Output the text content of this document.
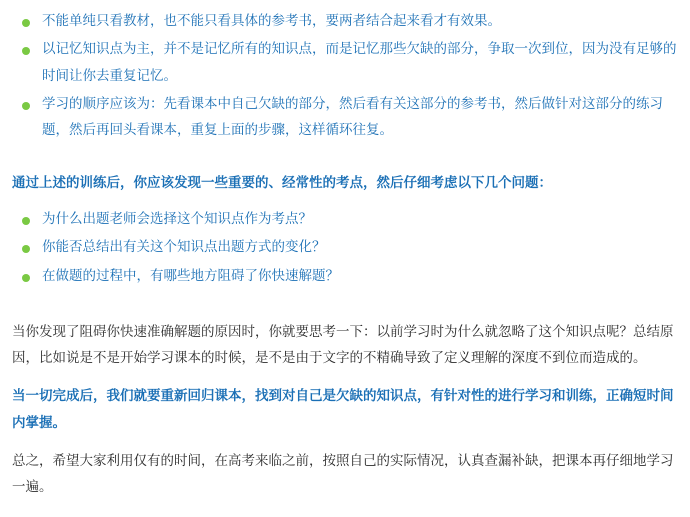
不能单纯只看教材，也不能只看具体的参考书，要两者结合起来看才有效果。
以记忆知识点为主，并不是记忆所有的知识点，而是记忆那些欠缺的部分，争取一次到位，因为没有足够的时间让你去重复记忆。
学习的顺序应该为：先看课本中自己欠缺的部分，然后看有关这部分的参考书，然后做针对这部分的练习题，然后再回头看课本，重复上面的步骤，这样循环往复。

通过上述的训练后，你应该发现一些重要的、经常性的考点，然后仔细考虑以下几个问题：

为什么出题老师会选择这个知识点作为考点？
你能否总结出有关这个知识点出题方式的变化？
在做题的过程中，有哪些地方阻碍了你快速解题？

当你发现了阻碍你快速准确解题的原因时，你就要思考一下：以前学习时为什么就忽略了这个知识点呢？总结原因，比如说是不是开始学习课本的时候，是不是由于文字的不精确导致了定义理解的深度不到位而造成的。

当一切完成后，我们就要重新回归课本，找到对自己是欠缺的知识点，有针对性的进行学习和训练，正确短时间内掌握。

总之，希望大家利用仅有的时间，在高考来临之前，按照自己的实际情况，认真查漏补缺，把课本再仔细地学习一遍。
